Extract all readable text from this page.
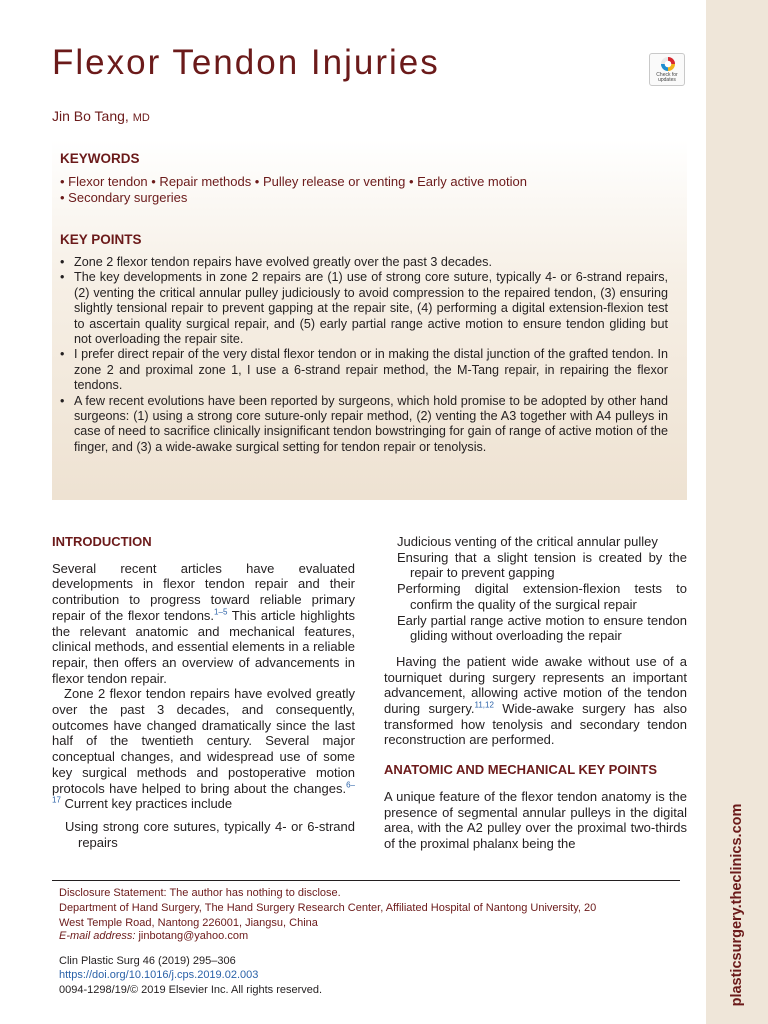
plasticsurgery.theclinics.com
Flexor Tendon Injuries	Check for
updates
Jin Bo Tang, MD
KEYWORDS
• Flexor tendon • Repair methods • Pulley release or venting • Early active motion
• Secondary surgeries
KEY POINTS
• Zone 2 flexor tendon repairs have evolved greatly over the past 3 decades.
• The key developments in zone 2 repairs are (1) use of strong core suture, typically 4- or 6-strand repairs, (2) venting the critical annular pulley judiciously to avoid compression to the repaired tendon, (3) ensuring slightly tensional repair to prevent gapping at the repair site, (4) performing a digital extension-flexion test to ascertain quality surgical repair, and (5) early partial range active motion to ensure tendon gliding but not overloading the repair site.
• I prefer direct repair of the very distal flexor tendon or in making the distal junction of the grafted tendon. In zone 2 and proximal zone 1, I use a 6-strand repair method, the M-Tang repair, in repairing the flexor tendons.
• A few recent evolutions have been reported by surgeons, which hold promise to be adopted by other hand surgeons: (1) using a strong core suture-only repair method, (2) venting the A3 together with A4 pulleys in case of need to sacrifice clinically insignificant tendon bowstringing for gain of range of active motion of the finger, and (3) a wide-awake surgical setting for tendon repair or tenolysis.

INTRODUCTION

Several recent articles have evaluated developments in flexor tendon repair and their contribution to progress toward reliable primary repair of the flexor tendons.$^{1-5}$ This article highlights the relevant anatomic and mechanical features, clinical methods, and essential elements in a reliable repair, then offers an overview of advancements in flexor tendon repair.

Zone 2 flexor tendon repairs have evolved greatly over the past 3 decades, and consequently, outcomes have changed dramatically since the last half of the twentieth century. Several major conceptual changes, and widespread use of some key surgical methods and postoperative motion protocols have helped to bring about the changes.$^{6-17}$ Current key practices include

Using strong core sutures, typically 4- or 6-strand repairs

Judicious venting of the critical annular pulley

Ensuring that a slight tension is created by the repair to prevent gapping

Performing digital extension-flexion tests to confirm the quality of the surgical repair

Early partial range active motion to ensure tendon gliding without overloading the repair

Having the patient wide awake without use of a tourniquet during surgery represents an important advancement, allowing active motion of the tendon during surgery.$^{11,12}$ Wide-awake surgery has also transformed how tenolysis and secondary tendon reconstruction are performed.

ANATOMIC AND MECHANICAL KEY POINTS

A unique feature of the flexor tendon anatomy is the presence of segmental annular pulleys in the digital area, with the A2 pulley over the proximal two-thirds of the proximal phalanx being the

Disclosure Statement: The author has nothing to disclose.
Department of Hand Surgery, The Hand Surgery Research Center, Affiliated Hospital of Nantong University, 20
West Temple Road, Nantong 226001, Jiangsu, China
E-mail address: jinbotang@yahoo.com
Clin Plastic Surg 46 (2019) 295–306
https://doi.org/10.1016/j.cps.2019.02.003
0094-1298/19/© 2019 Elsevier Inc. All rights reserved.
